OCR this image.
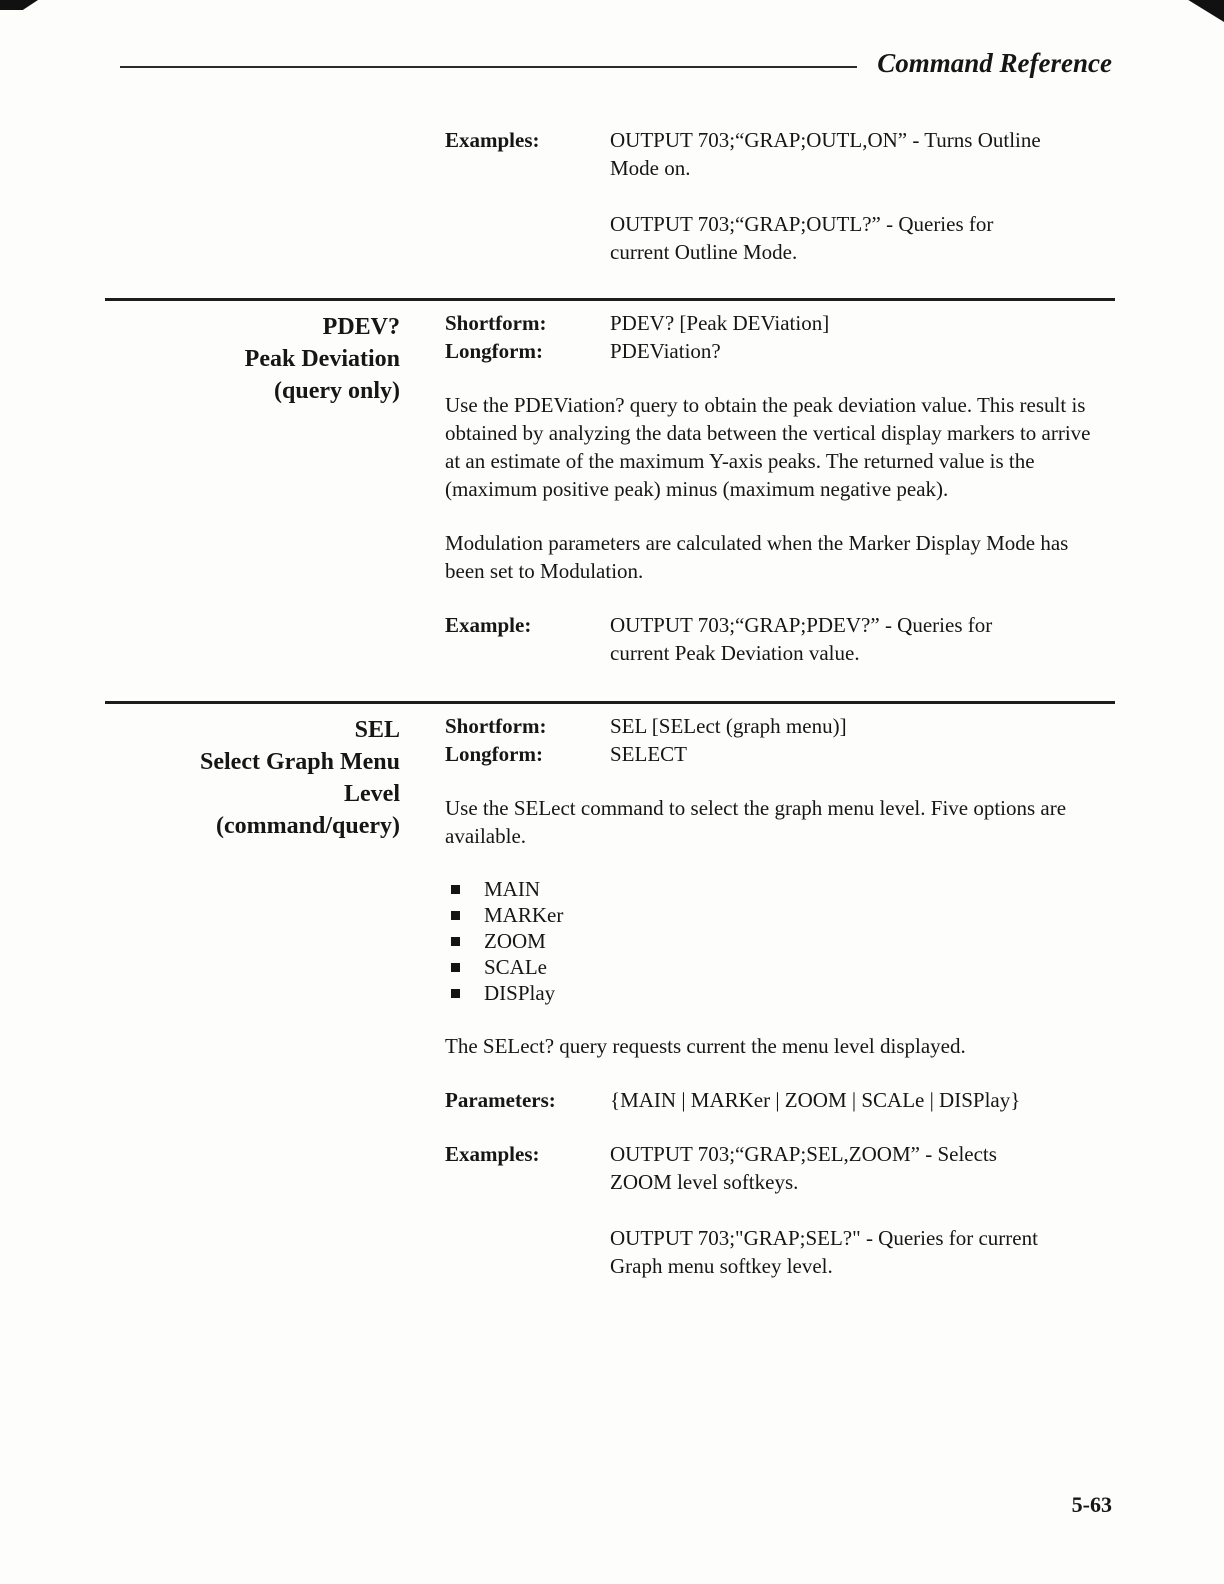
Command Reference
Examples:	OUTPUT 703;“GRAP;OUTL,ON” - Turns Outline Mode on.

OUTPUT 703;“GRAP;OUTL?” - Queries for current Outline Mode.

PDEV?
Peak Deviation
(query only)
Shortform:	PDEV? [Peak DEViation]
Longform:	PDEViation?

Use the PDEViation? query to obtain the peak deviation value. This result is obtained by analyzing the data between the vertical display markers to arrive at an estimate of the maximum Y-axis peaks. The returned value is the (maximum positive peak) minus (maximum negative peak).

Modulation parameters are calculated when the Marker Display Mode has been set to Modulation.

Example:	OUTPUT 703;“GRAP;PDEV?” - Queries for current Peak Deviation value.
SEL
Select Graph Menu
Level
(command/query)
Shortform:	SEL [SELect (graph menu)]
Longform:	SELECT

Use the SELect command to select the graph menu level. Five options are available.

MAIN
MARKer
ZOOM
SCALe
DISPlay

The SELect? query requests current the menu level displayed.

Parameters:	{MAIN | MARKer | ZOOM | SCALe | DISPlay}
Examples:	OUTPUT 703;“GRAP;SEL,ZOOM” - Selects ZOOM level softkeys.

OUTPUT 703;"GRAP;SEL?" - Queries for current Graph menu softkey level.

5-63
